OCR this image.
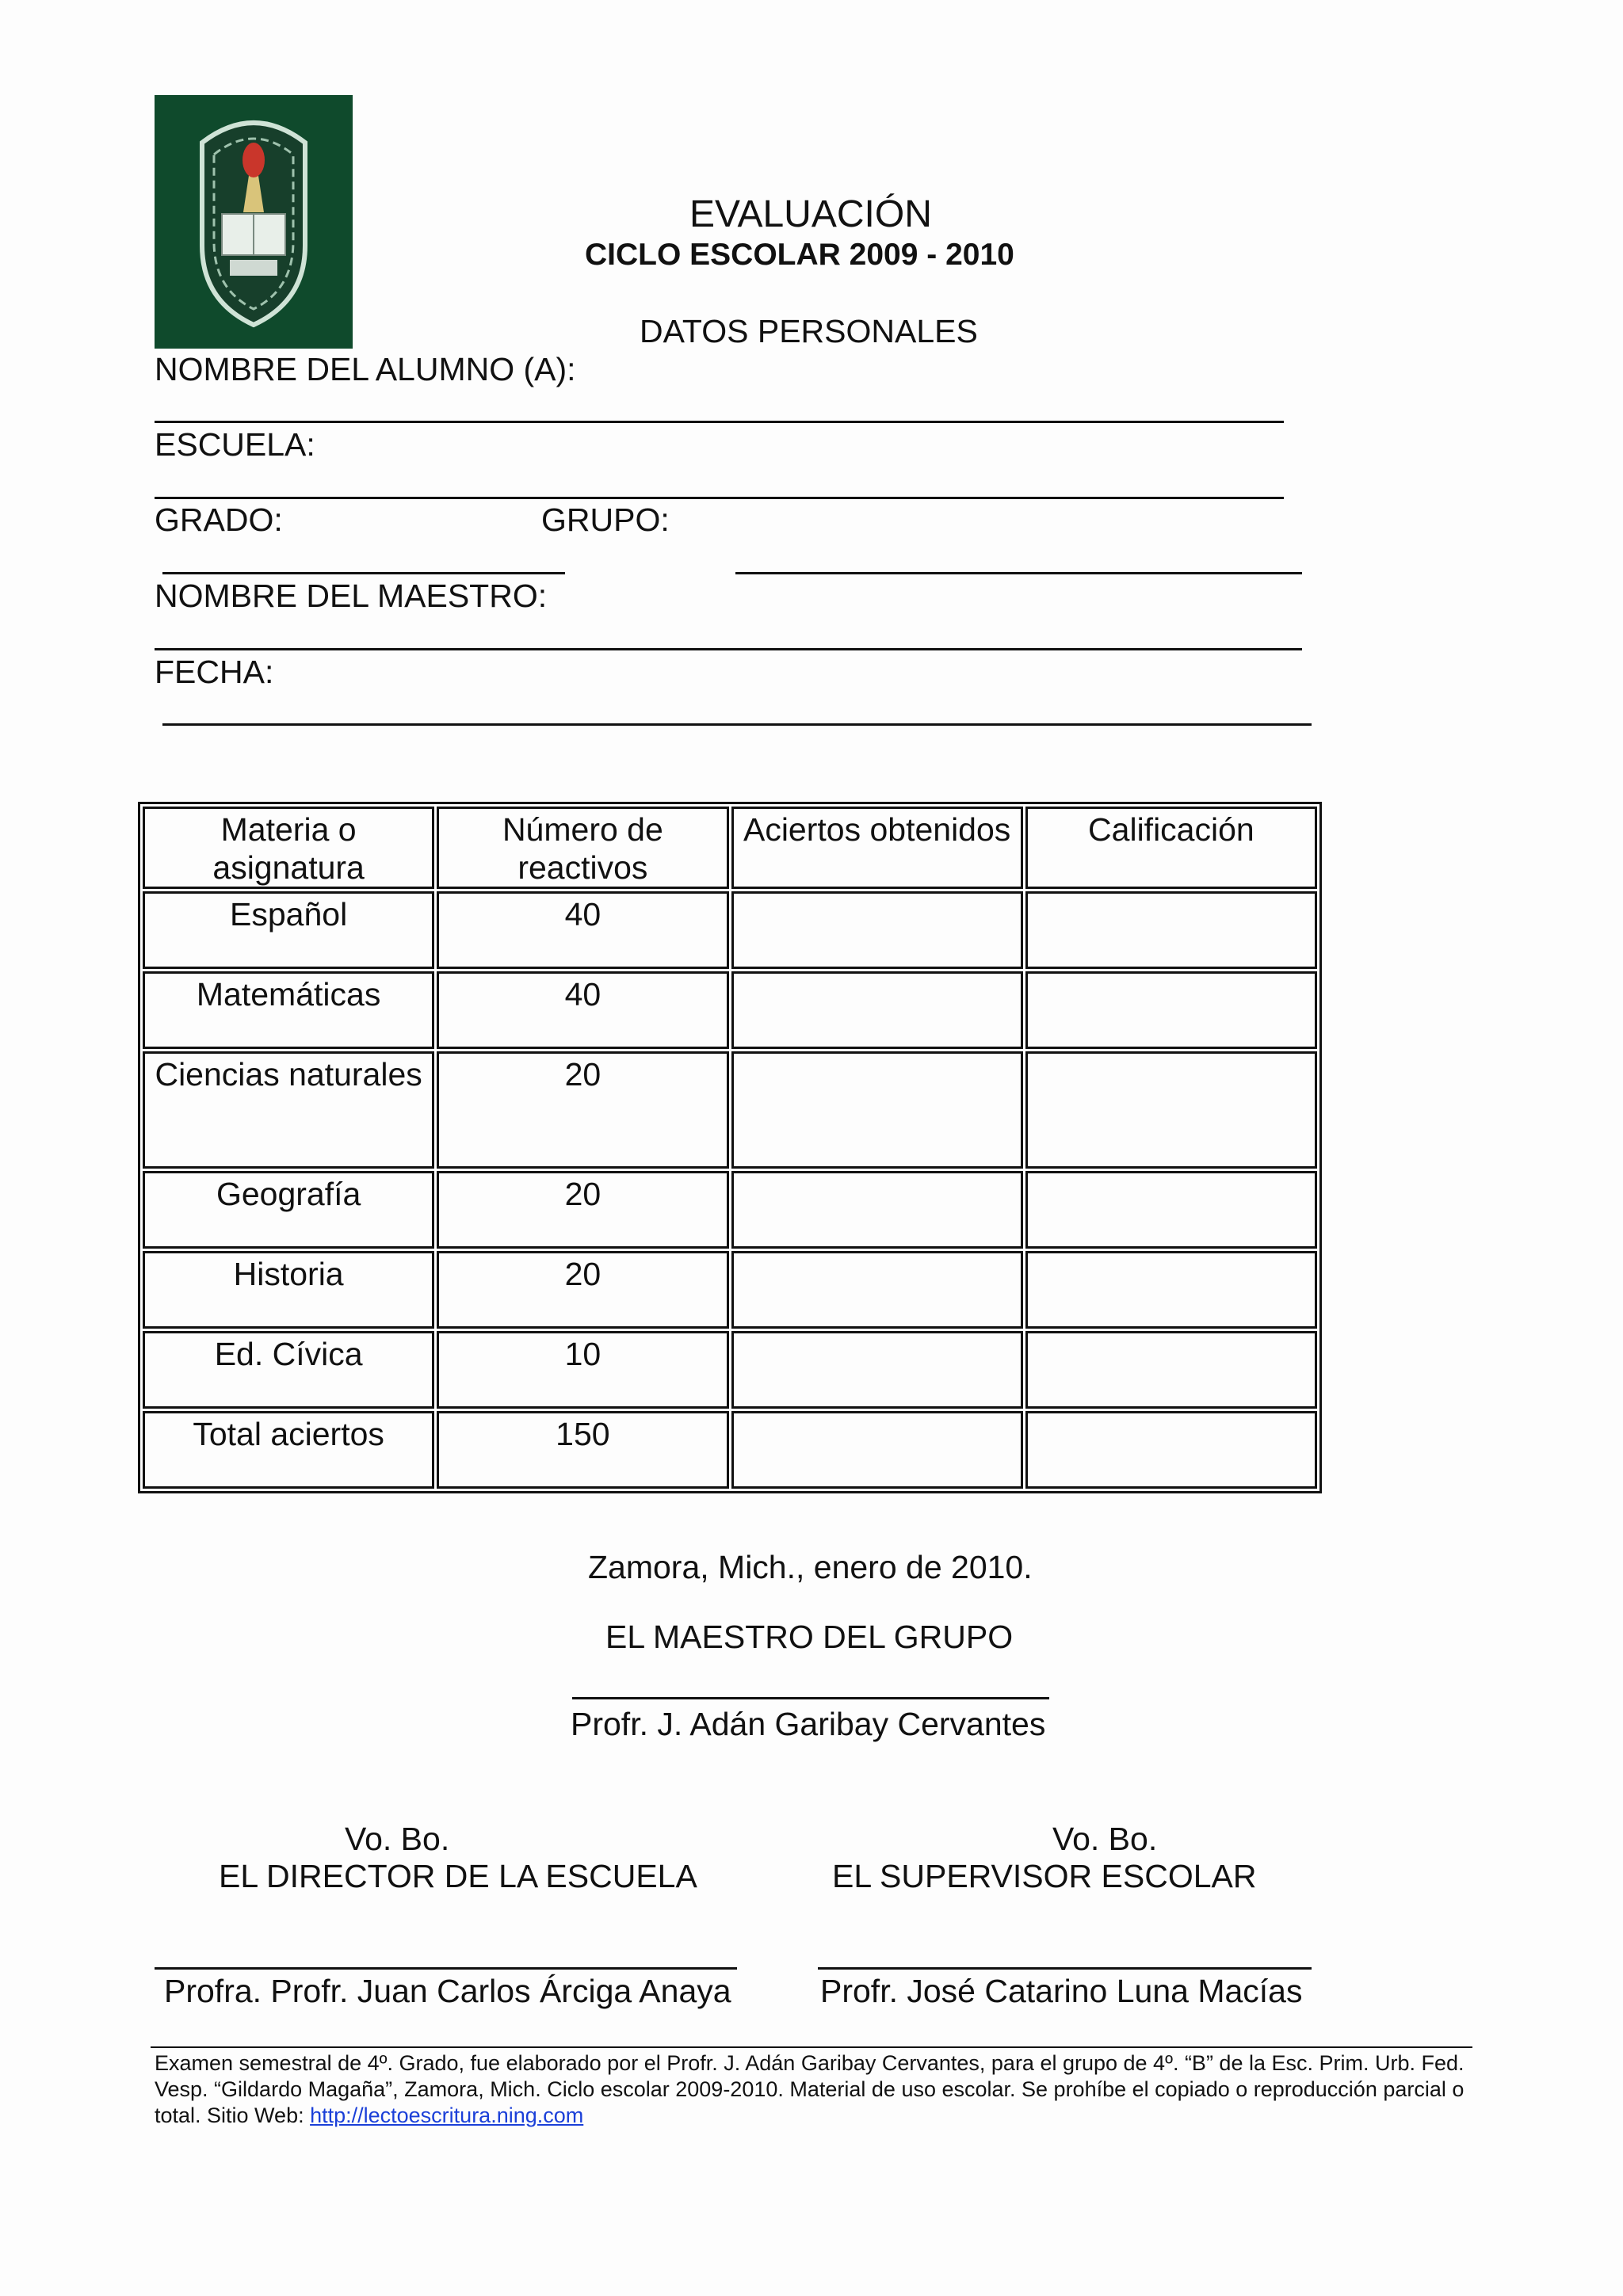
EVALUACIÓN
CICLO ESCOLAR 2009 - 2010
DATOS PERSONALES
NOMBRE DEL ALUMNO (A):
ESCUELA:
GRADO:	GRUPO:
NOMBRE DEL MAESTRO:
FECHA:
Materia o asignatura	Número de reactivos	Aciertos obtenidos	Calificación
Español	40		
Matemáticas	40		
Ciencias naturales	20		
Geografía	20		
Historia	20		
Ed. Cívica	10		
Total aciertos	150		
Zamora, Mich., enero de 2010.
EL MAESTRO DEL GRUPO
Profr. J. Adán Garibay Cervantes
Vo. Bo.
EL DIRECTOR DE LA ESCUELA
Profra. Profr. Juan Carlos Árciga Anaya
Vo. Bo.
EL SUPERVISOR ESCOLAR
Profr. José Catarino Luna Macías
Examen semestral de 4º. Grado, fue elaborado por el Profr. J. Adán Garibay Cervantes, para el grupo de 4º. “B” de la Esc. Prim. Urb. Fed. Vesp. “Gildardo Magaña”, Zamora, Mich. Ciclo escolar 2009-2010. Material de uso escolar. Se prohíbe el copiado o reproducción parcial o total. Sitio Web: http://lectoescritura.ning.com
